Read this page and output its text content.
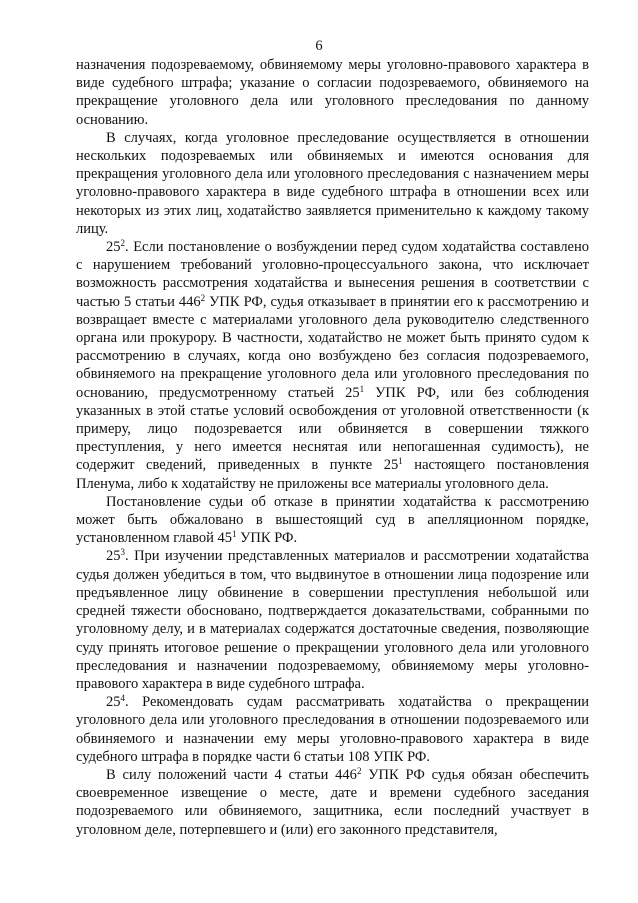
6

назначения подозреваемому, обвиняемому меры уголовно-правового характера в виде судебного штрафа; указание о согласии подозреваемого, обвиняемого на прекращение уголовного дела или уголовного преследования по данному основанию.

В случаях, когда уголовное преследование осуществляется в отношении нескольких подозреваемых или обвиняемых и имеются основания для прекращения уголовного дела или уголовного преследования с назначением меры уголовно-правового характера в виде судебного штрафа в отношении всех или некоторых из этих лиц, ходатайство заявляется применительно к каждому такому лицу.

$25^2$. Если постановление о возбуждении перед судом ходатайства составлено с нарушением требований уголовно-процессуального закона, что исключает возможность рассмотрения ходатайства и вынесения решения в соответствии с частью 5 статьи $446^2$ УПК РФ, судья отказывает в принятии его к рассмотрению и возвращает вместе с материалами уголовного дела руководителю следственного органа или прокурору. В частности, ходатайство не может быть принято судом к рассмотрению в случаях, когда оно возбуждено без согласия подозреваемого, обвиняемого на прекращение уголовного дела или уголовного преследования по основанию, предусмотренному статьей $25^1$ УПК РФ, или без соблюдения указанных в этой статье условий освобождения от уголовной ответственности (к примеру, лицо подозревается или обвиняется в совершении тяжкого преступления, у него имеется неснятая или непогашенная судимость), не содержит сведений, приведенных в пункте $25^1$ настоящего постановления Пленума, либо к ходатайству не приложены все материалы уголовного дела.

Постановление судьи об отказе в принятии ходатайства к рассмотрению может быть обжаловано в вышестоящий суд в апелляционном порядке, установленном главой $45^1$ УПК РФ.

$25^3$. При изучении представленных материалов и рассмотрении ходатайства судья должен убедиться в том, что выдвинутое в отношении лица подозрение или предъявленное лицу обвинение в совершении преступления небольшой или средней тяжести обосновано, подтверждается доказательствами, собранными по уголовному делу, и в материалах содержатся достаточные сведения, позволяющие суду принять итоговое решение о прекращении уголовного дела или уголовного преследования и назначении подозреваемому, обвиняемому меры уголовно-правового характера в виде судебного штрафа.

$25^4$. Рекомендовать судам рассматривать ходатайства о прекращении уголовного дела или уголовного преследования в отношении подозреваемого или обвиняемого и назначении ему меры уголовно-правового характера в виде судебного штрафа в порядке части 6 статьи 108 УПК РФ.

В силу положений части 4 статьи $446^2$ УПК РФ судья обязан обеспечить своевременное извещение о месте, дате и времени судебного заседания подозреваемого или обвиняемого, защитника, если последний участвует в уголовном деле, потерпевшего и (или) его законного представителя,
